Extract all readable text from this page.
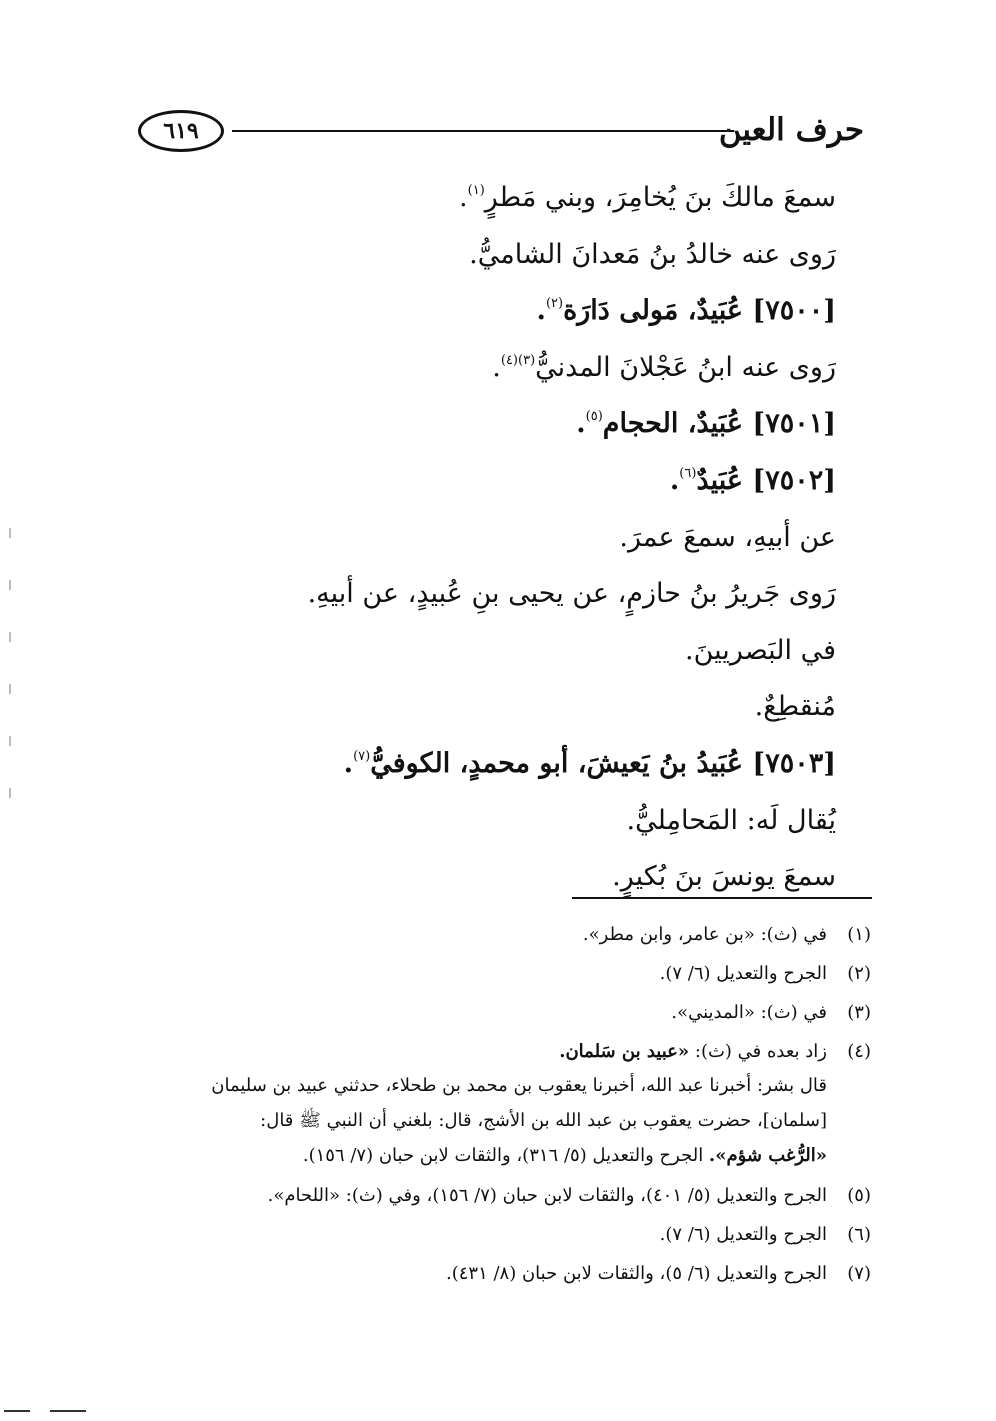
حرف العين
٦١٩
سمعَ مالكَ بنَ يُخامِرَ، وبني مَطرٍ$^{(١)}$.
رَوى عنه خالدُ بنُ مَعدانَ الشاميُّ.
[٧٥٠٠] عُبَيدٌ، مَولى دَارَة$^{(٢)}$.
رَوى عنه ابنُ عَجْلانَ المدنيُّ$^{(٣)(٤)}$.
[٧٥٠١] عُبَيدٌ، الحجام$^{(٥)}$.
[٧٥٠٢] عُبَيدٌ$^{(٦)}$.
عن أبيهِ، سمعَ عمرَ.
رَوى جَريرُ بنُ حازمٍ، عن يحيى بنِ عُبيدٍ، عن أبيهِ.
في البَصريينَ.
مُنقطِعٌ.
[٧٥٠٣] عُبَيدُ بنُ يَعيشَ، أبو محمدٍ، الكوفيُّ$^{(٧)}$.
يُقال لَه: المَحامِليُّ.
سمعَ يونسَ بنَ بُكيرٍ.
(١)
في (ث): «بن عامر، وابن مطر».
(٢)
الجرح والتعديل (٦/ ٧).
(٣)
في (ث): «المديني».
(٤)
زاد بعده في (ث): «عبيد بن سَلمان.
قال بشر: أخبرنا عبد الله، أخبرنا يعقوب بن محمد بن طحلاء، حدثني عبيد بن سليمان
[سلمان]، حضرت يعقوب بن عبد الله بن الأشج، قال: بلغني أن النبي ﷺ قال:
«الرُّغب شؤم». الجرح والتعديل (٥/ ٣١٦)، والثقات لابن حبان (٧/ ١٥٦).
(٥)
الجرح والتعديل (٥/ ٤٠١)، والثقات لابن حبان (٧/ ١٥٦)، وفي (ث): «اللحام».
(٦)
الجرح والتعديل (٦/ ٧).
(٧)
الجرح والتعديل (٦/ ٥)، والثقات لابن حبان (٨/ ٤٣١).
